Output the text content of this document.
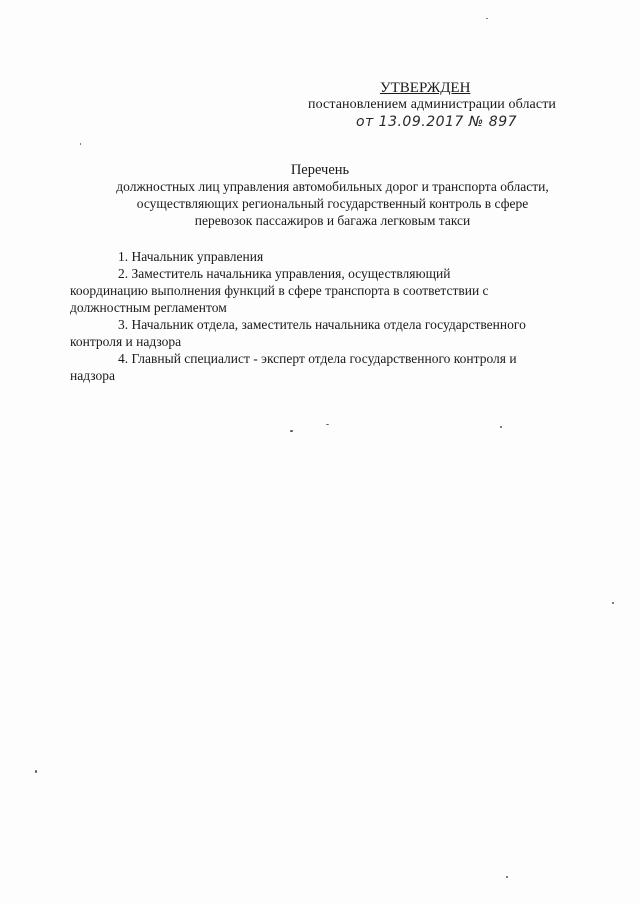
УТВЕРЖДЕН
постановлением администрации области
от 13.09.2017 № 897
Перечень
должностных лиц управления автомобильных дорог и транспорта области,
осуществляющих региональный государственный контроль в сфере
перевозок пассажиров и багажа легковым такси
1. Начальник управления
2. Заместитель начальника управления, осуществляющий
координацию выполнения функций в сфере транспорта в соответствии с
должностным регламентом
3. Начальник отдела, заместитель начальника отдела государственного
контроля и надзора
4. Главный специалист - эксперт отдела государственного контроля и
надзора
